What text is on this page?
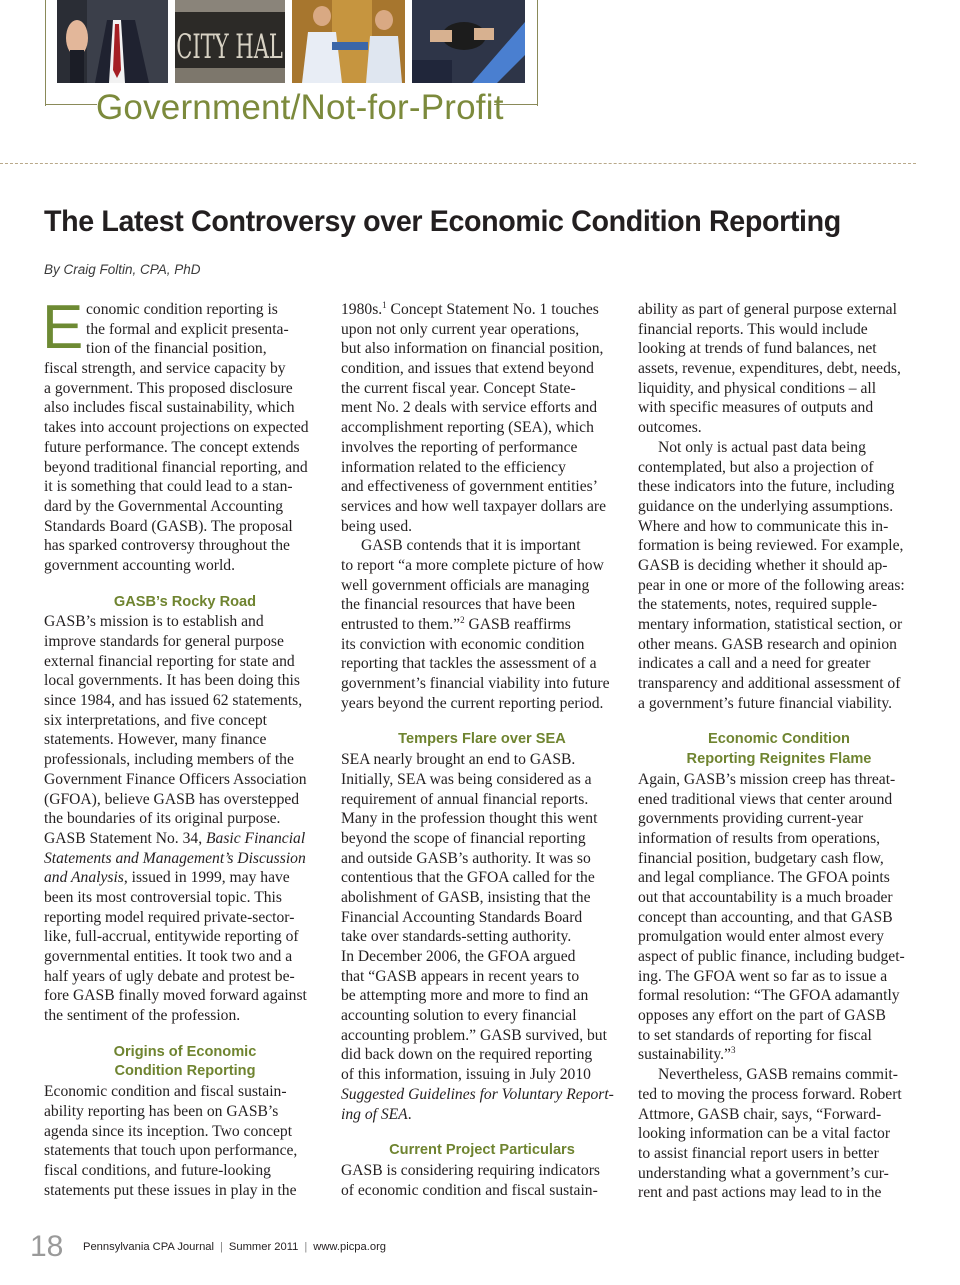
CITY HAL
Government/Not-for-Profit
The Latest Controversy over Economic Condition Reporting
By Craig Foltin, CPA, PhD
E conomic condition reporting is
the formal and explicit presenta-
tion of the financial position,
fiscal strength, and service capacity by
a government. This proposed disclosure
also includes fiscal sustainability, which
takes into account projections on expected
future performance. The concept extends
beyond traditional financial reporting, and
it is something that could lead to a stan-
dard by the Governmental Accounting
Standards Board (GASB). The proposal
has sparked controversy throughout the
government accounting world.
GASB’s Rocky Road
GASB’s mission is to establish and
improve standards for general purpose
external financial reporting for state and
local governments. It has been doing this
since 1984, and has issued 62 statements,
six interpretations, and five concept
statements. However, many finance
professionals, including members of the
Government Finance Officers Association
(GFOA), believe GASB has overstepped
the boundaries of its original purpose.
GASB Statement No. 34, Basic Financial
Statements and Management’s Discussion
and Analysis, issued in 1999, may have
been its most controversial topic. This
reporting model required private-sector-
like, full-accrual, entitywide reporting of
governmental entities. It took two and a
half years of ugly debate and protest be-
fore GASB finally moved forward against
the sentiment of the profession.
Origins of Economic
Condition Reporting
Economic condition and fiscal sustain-
ability reporting has been on GASB’s
agenda since its inception. Two concept
statements that touch upon performance,
fiscal conditions, and future-looking
statements put these issues in play in the
1980s.$^1$ Concept Statement No. 1 touches
upon not only current year operations,
but also information on financial position,
condition, and issues that extend beyond
the current fiscal year. Concept State-
ment No. 2 deals with service efforts and
accomplishment reporting (SEA), which
involves the reporting of performance
information related to the efficiency
and effectiveness of government entities’
services and how well taxpayer dollars are
being used.
GASB contends that it is important
to report “a more complete picture of how
well government officials are managing
the financial resources that have been
entrusted to them.”$^2$ GASB reaffirms
its conviction with economic condition
reporting that tackles the assessment of a
government’s financial viability into future
years beyond the current reporting period.
Tempers Flare over SEA
SEA nearly brought an end to GASB.
Initially, SEA was being considered as a
requirement of annual financial reports.
Many in the profession thought this went
beyond the scope of financial reporting
and outside GASB’s authority. It was so
contentious that the GFOA called for the
abolishment of GASB, insisting that the
Financial Accounting Standards Board
take over standards-setting authority.
In December 2006, the GFOA argued
that “GASB appears in recent years to
be attempting more and more to find an
accounting solution to every financial
accounting problem.” GASB survived, but
did back down on the required reporting
of this information, issuing in July 2010
Suggested Guidelines for Voluntary Report-
ing of SEA.
Current Project Particulars
GASB is considering requiring indicators
of economic condition and fiscal sustain-
ability as part of general purpose external
financial reports. This would include
looking at trends of fund balances, net
assets, revenue, expenditures, debt, needs,
liquidity, and physical conditions – all
with specific measures of outputs and
outcomes.
Not only is actual past data being
contemplated, but also a projection of
these indicators into the future, including
guidance on the underlying assumptions.
Where and how to communicate this in-
formation is being reviewed. For example,
GASB is deciding whether it should ap-
pear in one or more of the following areas:
the statements, notes, required supple-
mentary information, statistical section, or
other means. GASB research and opinion
indicates a call and a need for greater
transparency and additional assessment of
a government’s future financial viability.
Economic Condition
Reporting Reignites Flame
Again, GASB’s mission creep has threat-
ened traditional views that center around
governments providing current-year
information of results from operations,
financial position, budgetary cash flow,
and legal compliance. The GFOA points
out that accountability is a much broader
concept than accounting, and that GASB
promulgation would enter almost every
aspect of public finance, including budget-
ing. The GFOA went so far as to issue a
formal resolution: “The GFOA adamantly
opposes any effort on the part of GASB
to set standards of reporting for fiscal
sustainability.”$^3$
Nevertheless, GASB remains commit-
ted to moving the process forward. Robert
Attmore, GASB chair, says, “Forward-
looking information can be a vital factor
to assist financial report users in better
understanding what a government’s cur-
rent and past actions may lead to in the
18 Pennsylvania CPA Journal | Summer 2011 | www.picpa.org
